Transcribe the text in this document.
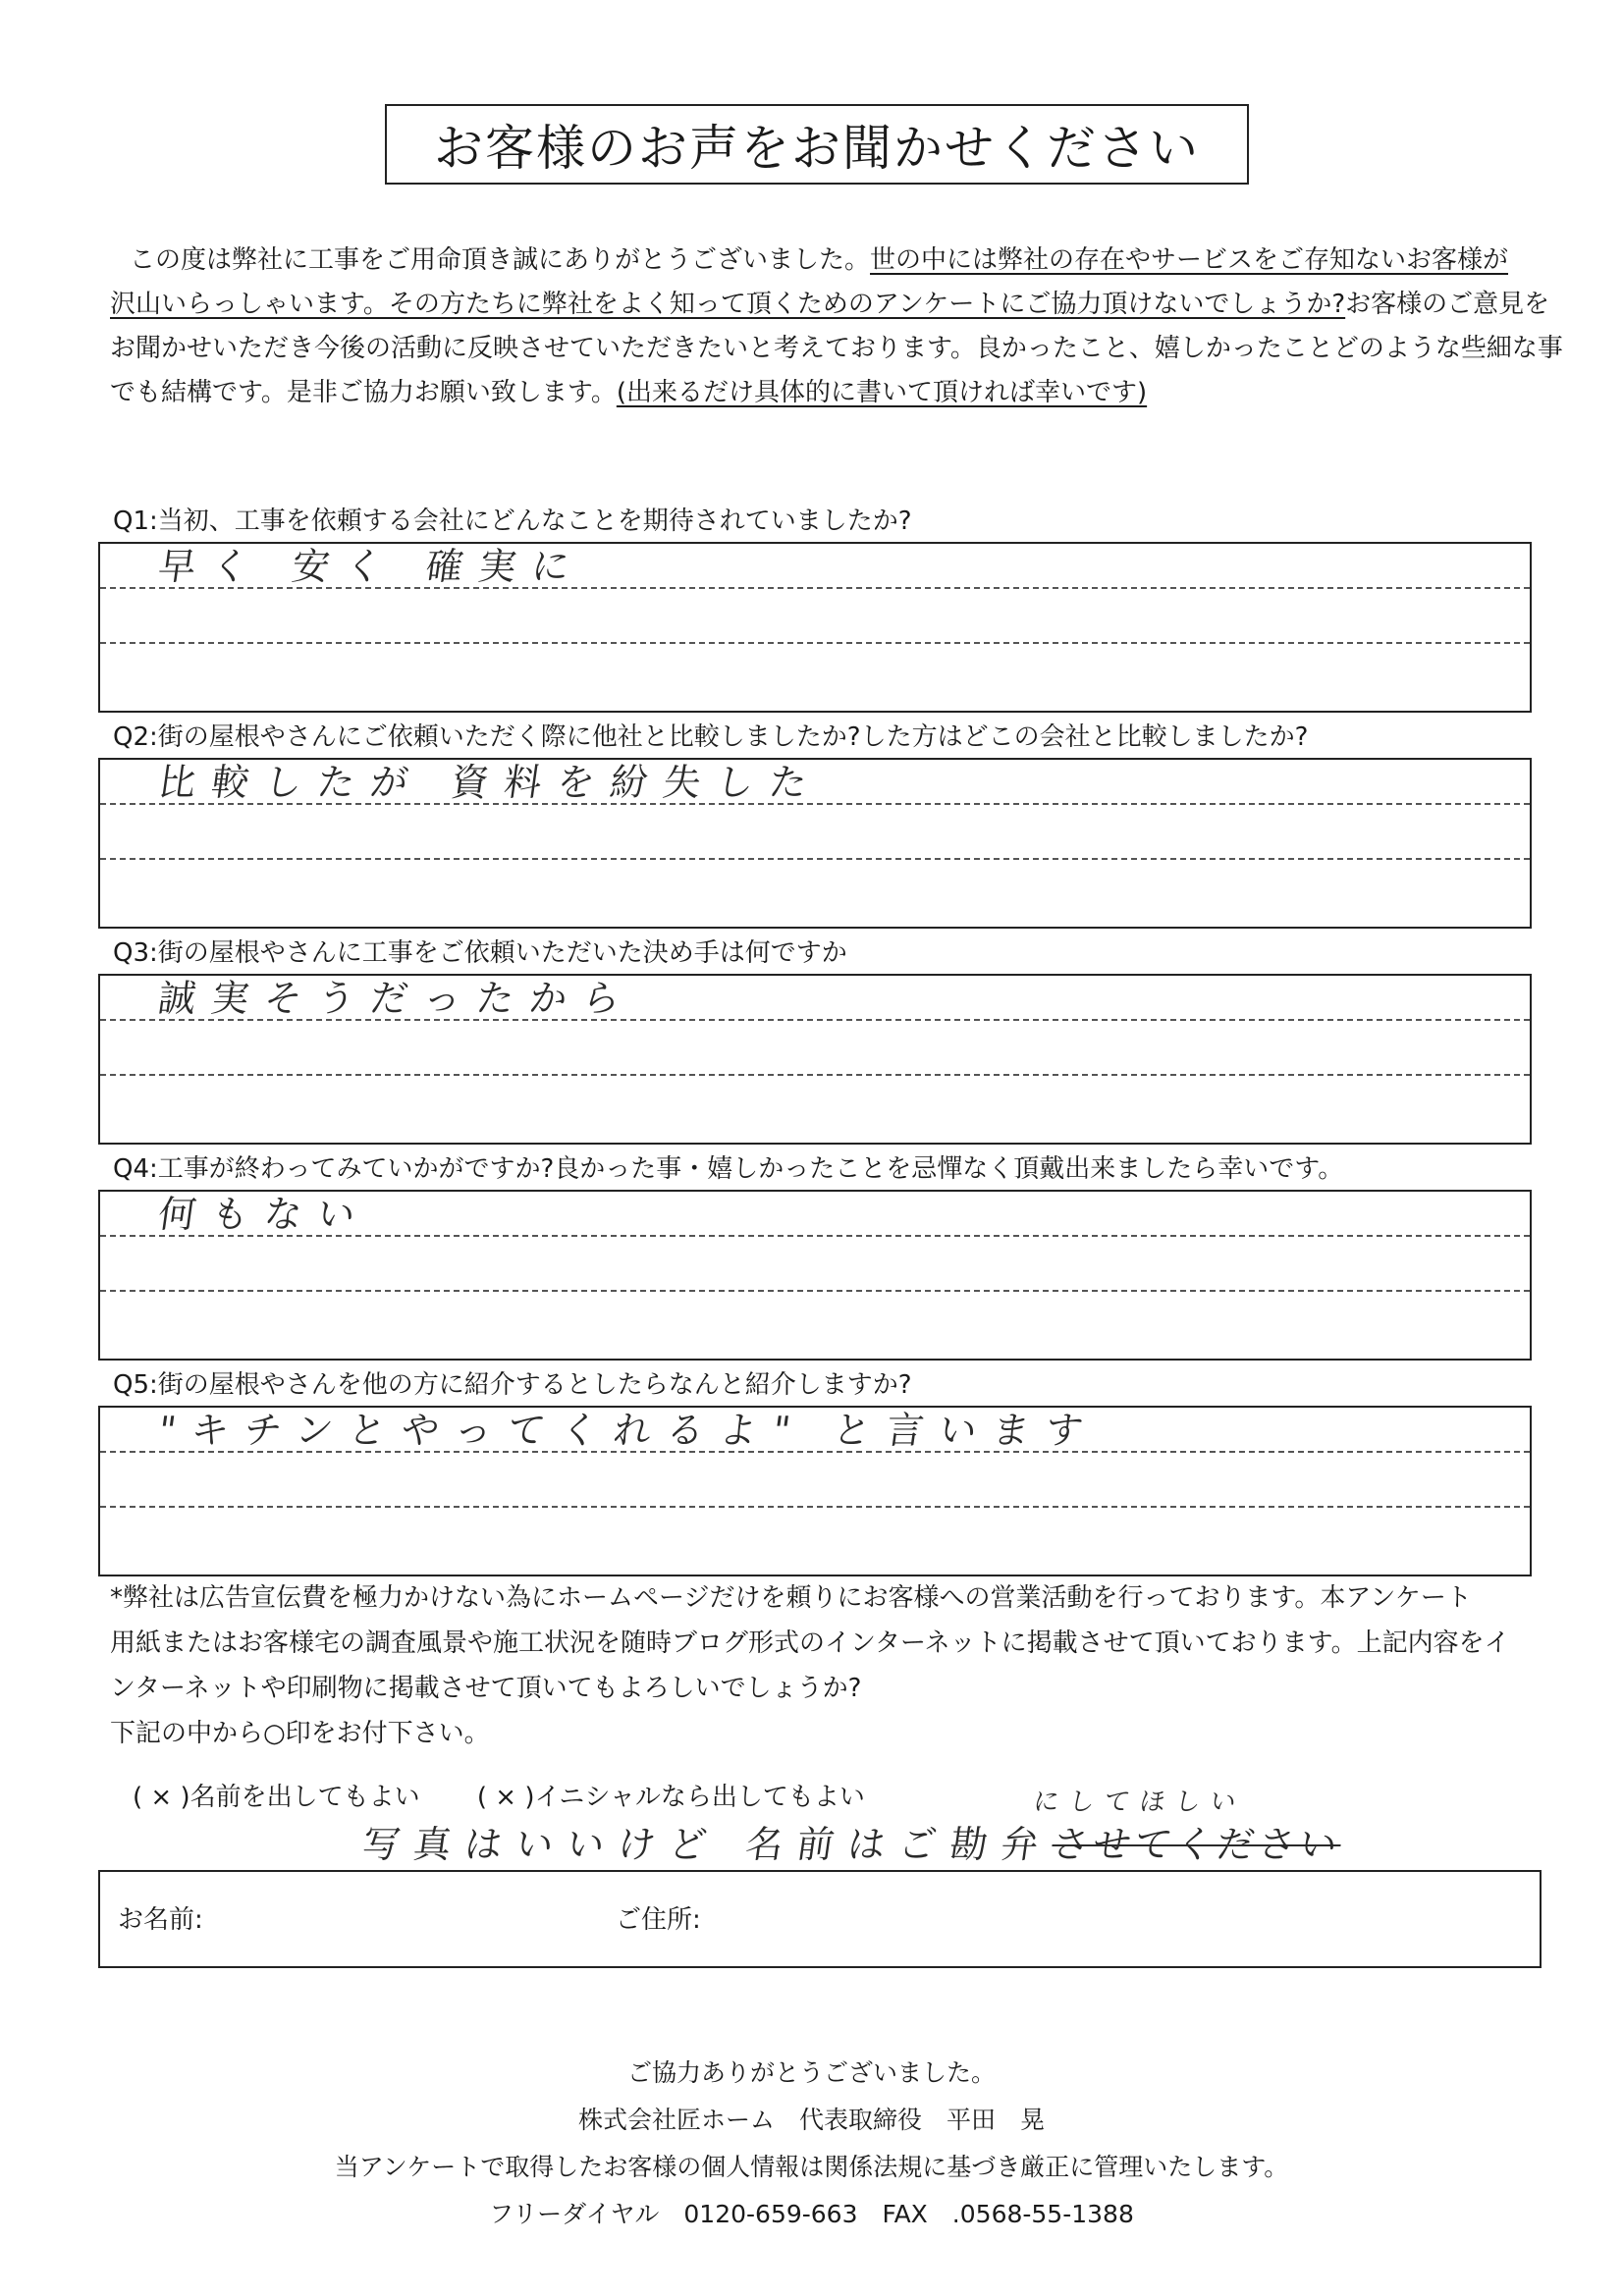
お客様のお声をお聞かせください

この度は弊社に工事をご用命頂き誠にありがとうございました。世の中には弊社の存在やサービスをご存知ないお客様が

沢山いらっしゃいます。その方たちに弊社をよく知って頂くためのアンケートにご協力頂けないでしょうか?お客様のご意見を

お聞かせいただき今後の活動に反映させていただきたいと考えております。良かったこと、嬉しかったことどのような些細な事

でも結構です。是非ご協力お願い致します。(出来るだけ具体的に書いて頂ければ幸いです)

Q1:当初、工事を依頼する会社にどんなことを期待されていましたか?
早く 安く 確実に
Q2:街の屋根やさんにご依頼いただく際に他社と比較しましたか?した方はどこの会社と比較しましたか?
比較したが 資料を紛失した
Q3:街の屋根やさんに工事をご依頼いただいた決め手は何ですか
誠実そうだったから
Q4:工事が終わってみていかがですか?良かった事・嬉しかったことを忌憚なく頂戴出来ましたら幸いです。
何もない
Q5:街の屋根やさんを他の方に紹介するとしたらなんと紹介しますか?
"キチンとやってくれるよ" と言います

*弊社は広告宣伝費を極力かけない為にホームページだけを頼りにお客様への営業活動を行っております。本アンケート

用紙またはお客様宅の調査風景や施工状況を随時ブログ形式のインターネットに掲載させて頂いております。上記内容をイ

ンターネットや印刷物に掲載させて頂いてもよろしいでしょうか?

下記の中から○印をお付下さい。

( × )名前を出してもよい ( × )イニシャルなら出してもよい	にしてほしい
写真はいいけど 名前はご勘弁させてください
お名前:	ご住所:
ご協力ありがとうございました。
株式会社匠ホーム　代表取締役　平田　晃
当アンケートで取得したお客様の個人情報は関係法規に基づき厳正に管理いたします。
フリーダイヤル　0120-659-663　FAX　.0568-55-1388
